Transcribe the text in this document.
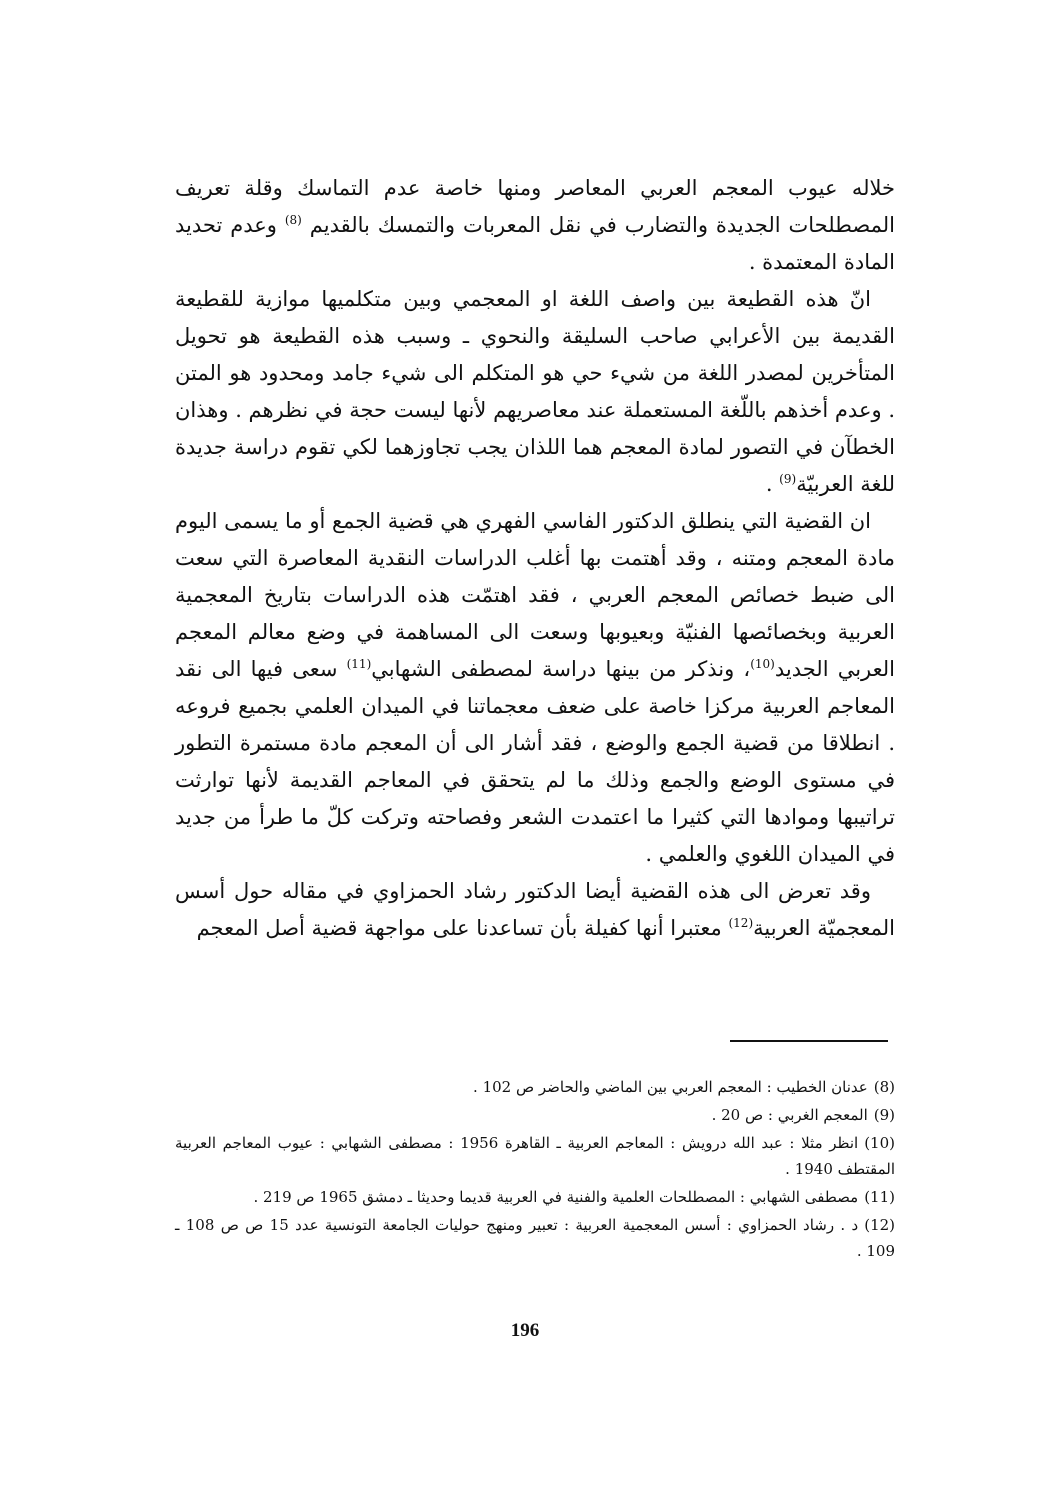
خلاله عيوب المعجم العربي المعاصر ومنها خاصة عدم التماسك وقلة تعريف المصطلحات الجديدة والتضارب في نقل المعربات والتمسك بالقديم $^{(8)}$ وعدم تحديد المادة المعتمدة .

انّ هذه القطيعة بين واصف اللغة او المعجمي وبين متكلميها موازية للقطيعة القديمة بين الأعرابي صاحب السليقة والنحوي ـ وسبب هذه القطيعة هو تحويل المتأخرين لمصدر اللغة من شيء حي هو المتكلم الى شيء جامد ومحدود هو المتن . وعدم أخذهم باللّغة المستعملة عند معاصريهم لأنها ليست حجة في نظرهم . وهذان الخطآن في التصور لمادة المعجم هما اللذان يجب تجاوزهما لكي تقوم دراسة جديدة للغة العربيّة$^{(9)}$ .

ان القضية التي ينطلق الدكتور الفاسي الفهري هي قضية الجمع أو ما يسمى اليوم مادة المعجم ومتنه ، وقد أهتمت بها أغلب الدراسات النقدية المعاصرة التي سعت الى ضبط خصائص المعجم العربي ، فقد اهتمّت هذه الدراسات بتاريخ المعجمية العربية وبخصائصها الفنيّة وبعيوبها وسعت الى المساهمة في وضع معالم المعجم العربي الجديد$^{(10)}$، ونذكر من بينها دراسة لمصطفى الشهابي$^{(11)}$ سعى فيها الى نقد المعاجم العربية مركزا خاصة على ضعف معجماتنا في الميدان العلمي بجميع فروعه . انطلاقا من قضية الجمع والوضع ، فقد أشار الى أن المعجم مادة مستمرة التطور في مستوى الوضع والجمع وذلك ما لم يتحقق في المعاجم القديمة لأنها توارثت تراتيبها وموادها التي كثيرا ما اعتمدت الشعر وفصاحته وتركت كلّ ما طرأ من جديد في الميدان اللغوي والعلمي .

وقد تعرض الى هذه القضية أيضا الدكتور رشاد الحمزاوي في مقاله حول أسس المعجميّة العربية$^{(12)}$ معتبرا أنها كفيلة بأن تساعدنا على مواجهة قضية أصل المعجم

(8)عدنان الخطيب : المعجم العربي بين الماضي والحاضر ص 102 .

(9)المعجم الغربي : ص 20 .

(10)انظر مثلا : عبد الله درويش : المعاجم العربية ـ القاهرة 1956 : مصطفى الشهابي : عيوب المعاجم العربية المقتطف 1940 .

(11)مصطفى الشهابي : المصطلحات العلمية والفنية في العربية قديما وحديثا ـ دمشق 1965 ص 219 .

(12)د . رشاد الحمزاوي : أسس المعجمية العربية : تعبير ومنهج حوليات الجامعة التونسية عدد 15 ص ص 108 ـ 109 .

196
